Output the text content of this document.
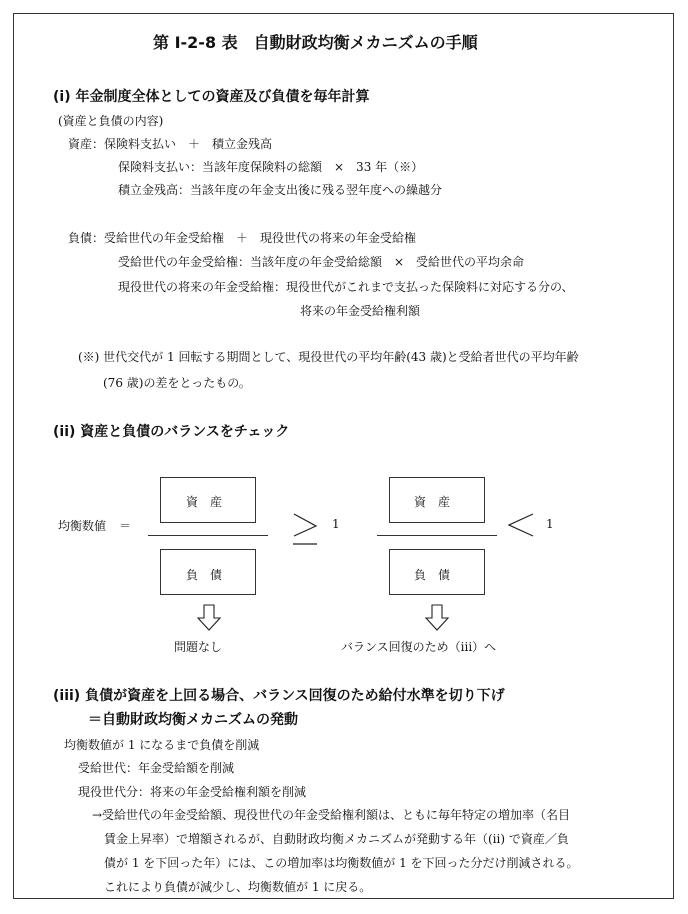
第 Ⅰ-2-8 表　自動財政均衡メカニズムの手順
(i) 年金制度全体としての資産及び負債を毎年計算
(資産と負債の内容)
資産：保険料支払い　＋　積立金残高
保険料支払い：当該年度保険料の総額　×　33 年（※）
積立金残高：当該年度の年金支出後に残る翌年度への繰越分
負債：受給世代の年金受給権　＋　現役世代の将来の年金受給権
受給世代の年金受給権：当該年度の年金受給総額　×　受給世代の平均余命
現役世代の将来の年金受給権：現役世代がこれまで支払った保険料に対応する分の、
将来の年金受給権利額
(※) 世代交代が 1 回転する期間として、現役世代の平均年齢(43 歳)と受給者世代の平均年齢
(76 歳)の差をとったもの。
(ii) 資産と負債のバランスをチェック
均衡数値 ＝
資　産
負　債
1
資　産
負　債
1
問題なし	バランス回復のため（iii）へ
(iii) 負債が資産を上回る場合、バランス回復のため給付水準を切り下げ
＝自動財政均衡メカニズムの発動
均衡数値が 1 になるまで負債を削減
受給世代：年金受給額を削減
現役世代分：将来の年金受給権利額を削減
→受給世代の年金受給額、現役世代の年金受給権利額は、ともに毎年特定の増加率（名目
賃金上昇率）で増額されるが、自動財政均衡メカニズムが発動する年（(ii) で資産／負
債が 1 を下回った年）には、この増加率は均衡数値が 1 を下回った分だけ削減される。
これにより負債が減少し、均衡数値が 1 に戻る。
